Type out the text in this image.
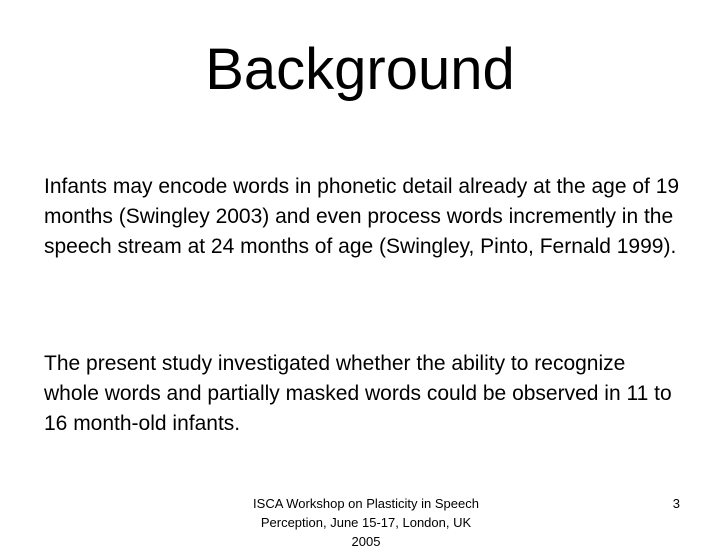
Background
Infants may encode words in phonetic detail already at the age of 19 months (Swingley 2003) and even process words incremently in the speech stream at 24 months of age (Swingley, Pinto, Fernald 1999).
The present study investigated whether the ability to recognize whole words and partially masked words could be observed in 11 to 16 month-old infants.
ISCA Workshop on Plasticity in Speech Perception, June 15-17, London, UK 2005
3
